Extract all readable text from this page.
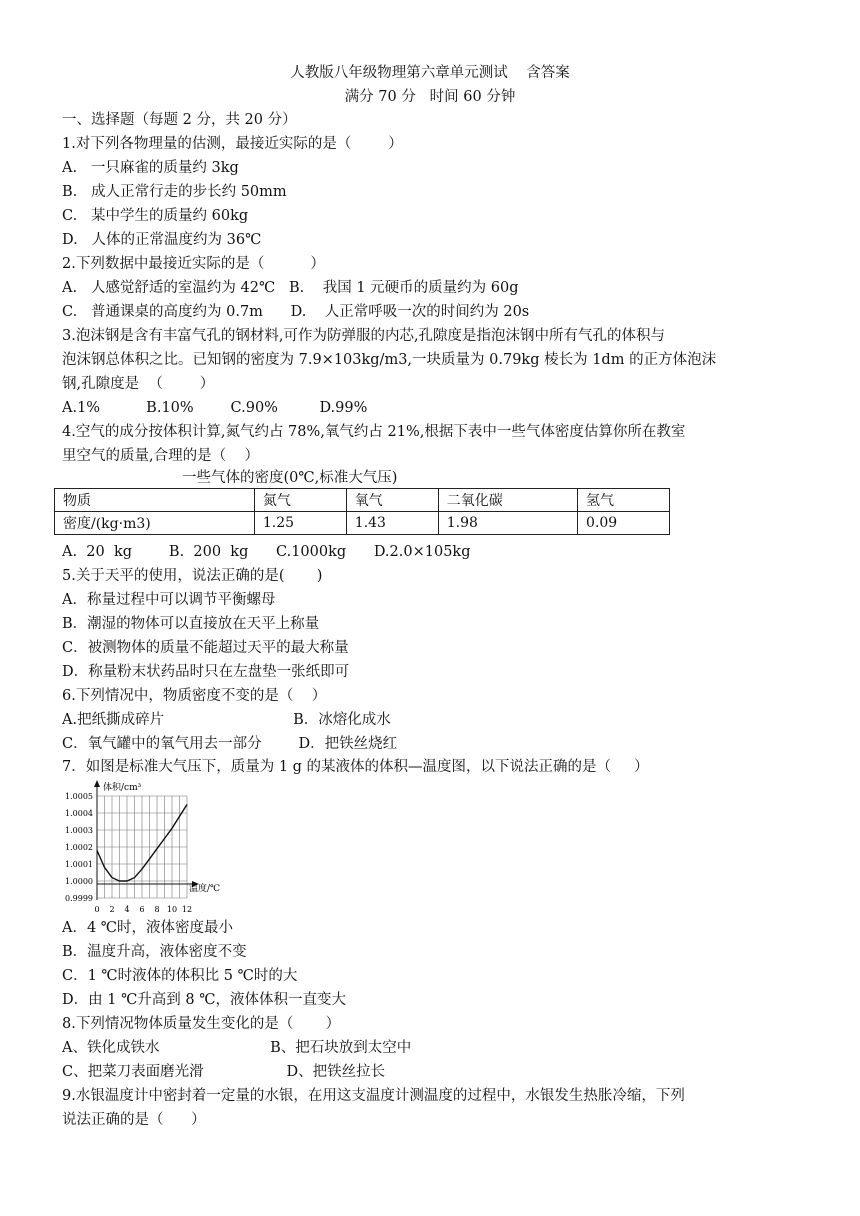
人教版八年级物理第六章单元测试    含答案
满分 70 分   时间 60 分钟
一、选择题（每题 2 分，共 20 分）
1.对下列各物理量的估测，最接近实际的是（        ）
A.   一只麻雀的质量约 3kg
B.   成人正常行走的步长约 50mm
C.   某中学生的质量约 60kg
D.   人体的正常温度约为 36℃
2.下列数据中最接近实际的是（          ）
A.   人感觉舒适的室温约为 42℃   B.    我国 1 元硬币的质量约为 60g
C.   普通课桌的高度约为 0.7m      D.    人正常呼吸一次的时间约为 20s
3.泡沫钢是含有丰富气孔的钢材料,可作为防弹服的内芯,孔隙度是指泡沫钢中所有气孔的体积与
泡沫钢总体积之比。已知钢的密度为 7.9×103kg/m3,一块质量为 0.79kg 棱长为 1dm 的正方体泡沫
钢,孔隙度是  （        ）
A.1%          B.10%        C.90%         D.99%
4.空气的成分按体积计算,氮气约占 78%,氧气约占 21%,根据下表中一些气体密度估算你所在教室
里空气的质量,合理的是（    ）
一些气体的密度(0℃,标准大气压)
物质	氮气	氧气	二氧化碳	氢气
密度/(kg·m3)	1.25	1.43	1.98	0.09
A.  20  kg        B.  200  kg      C.1000kg      D.2.0×105kg
5.关于天平的使用，说法正确的是(       )
A．称量过程中可以调节平衡螺母
B．潮湿的物体可以直接放在天平上称量
C．被测物体的质量不能超过天平的最大称量
D．称量粉末状药品时只在左盘垫一张纸即可
6.下列情况中，物质密度不变的是（    ）
A.把纸撕成碎片                            B．冰熔化成水
C．氧气罐中的氧气用去一部分        D．把铁丝烧红
7．如图是标准大气压下，质量为 1 g 的某液体的体积—温度图，以下说法正确的是（     ）
体积/cm³
温度/℃
0.9999
1.0000
1.0001
1.0002
1.0003
1.0004
1.0005
0 2 4 6 8 10 12
A．4 ℃时，液体密度最小
B．温度升高，液体密度不变
C．1 ℃时液体的体积比 5 ℃时的大
D．由 1 ℃升高到 8 ℃，液体体积一直变大
8.下列情况物体质量发生变化的是（       ）
A、铁化成铁水                        B、把石块放到太空中
C、把菜刀表面磨光滑                  D、把铁丝拉长
9.水银温度计中密封着一定量的水银，在用这支温度计测温度的过程中，水银发生热胀冷缩，下列
说法正确的是（      ）
